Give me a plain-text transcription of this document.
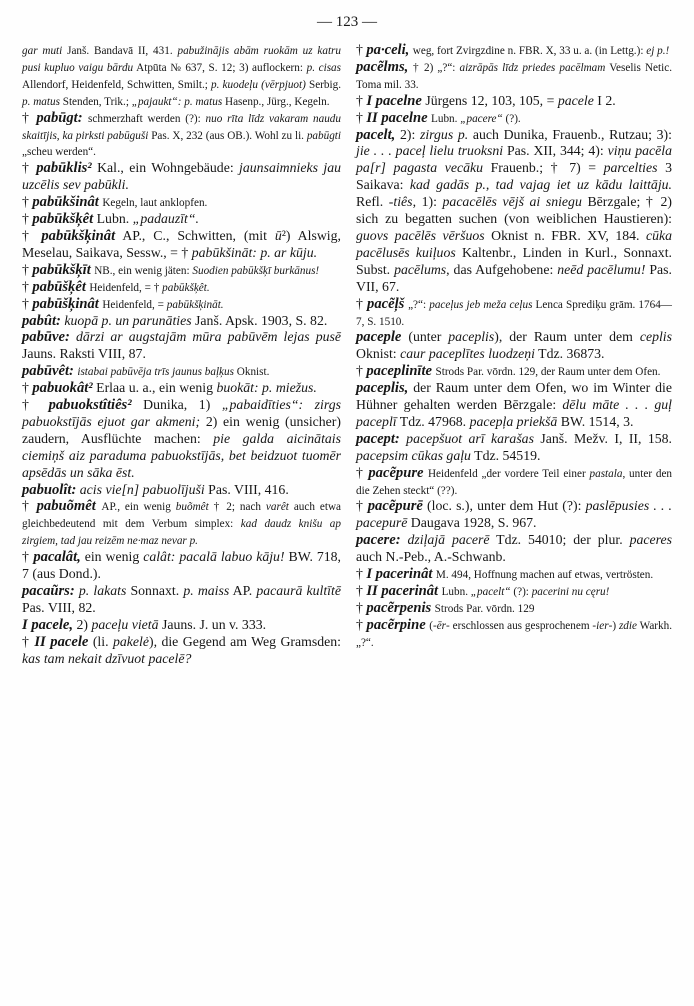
— 123 —

gar muti Janš. Bandavā II, 431. pabužinājis abām ruokām uz katru pusi kupluo vaigu bārdu Atpūta № 637, S. 12; 3) auflockern: p. cisas Allendorf, Heidenfeld, Schwitten, Smilt.; p. kuodeļu (vērpjuot) Serbig. p. matus Stenden, Trik.; „pajaukt“: p. matus Hasenp., Jürg., Kegeln.

† pabūgt: schmerzhaft werden (?): nuo rīta līdz vakaram naudu skaitījis, ka pirksti pabūguši Pas. X, 232 (aus OB.). Wohl zu li. pabūgti „scheu werden“.

† pabūklis² Kal., ein Wohngebäude: jaunsaimnieks jau uzcēlis sev pabūkli.

† pabūkšinât Kegeln, laut anklopfen.

† pabūkšķêt Lubn. „padauzīt“.

† pabūkšķinât AP., C., Schwitten, (mit ū²) Alswig, Meselau, Saikava, Sessw., = † pabūkšināt: p. ar kūju.

† pabūkšķīt NB., ein wenig jäten: Suodien pabūkšķī burkānus!

† pabūšķêt Heidenfeld, = † pabūkšķêt.

† pabūšķinât Heidenfeld, = pabūkšķināt.

pabût: kuopā p. un parunāties Janš. Apsk. 1903, S. 82.

pabūve: dārzi ar augstajām mūra pabūvēm lejas pusē Jauns. Raksti VIII, 87.

pabūvêt: istabai pabūvēja trīs jaunus baļķus Oknist.

† pabuokât² Erlaa u. a., ein wenig buokāt: p. miežus.

† pabuokstîtiês² Dunika, 1) „pabaidīties“: zirgs pabuokstījās ejuot gar akmeni; 2) ein wenig (unsicher) zaudern, Ausflüchte machen: pie galda aicinātais ciemiņš aiz paraduma pabuokstījās, bet beidzuot tuomēr apsēdās un sāka ēst.

pabuolît: acis vie[n] pabuolījuši Pas. VIII, 416.

† pabuõmêt AP., ein wenig buõmêt † 2; nach varêt auch etwa gleichbedeutend mit dem Verbum simplex: kad daudz knišu ap zirgiem, tad jau reizēm ne·maz nevar p.

† pacalât, ein wenig calât: pacalā labuo kāju! BW. 718, 7 (aus Dond.).

pacaũrs: p. lakats Sonnaxt. p. maiss AP. pacaurā kultītē Pas. VIII, 82.

I pacele, 2) paceļu vietā Jauns. J. un v. 333.

† II pacele (li. pakelė), die Gegend am Weg Gramsden: kas tam nekait dzīvuot pacelē?

† pa·celi, weg, fort Zvirgzdine n. FBR. X, 33 u. a. (in Lettg.): ej p.!

pacẽlms, † 2) „?“: aizrāpās līdz priedes pacēlmam Veselis Netic. Toma mil. 33.

† I pacelne Jürgens 12, 103, 105, = pacele I 2.

† II pacelne Lubn. „pacere“ (?).

pacelt, 2): zirgus p. auch Dunika, Frauenb., Rutzau; 3): jie . . . paceļ lielu truoksni Pas. XII, 344; 4): viņu pacēla pa[r] pagasta vecāku Frauenb.; † 7) = parcelties 3 Saikava: kad gadās p., tad vajag iet uz kādu laittāju. Refl. -tiês, 1): pacacēlēs vējš ai sniegu Bērzgale; † 2) sich zu begatten suchen (von weiblichen Haustieren): guovs pacēlēs vēršuos Oknist n. FBR. XV, 184. cūka pacēlusēs kuiļuos Kaltenbr., Linden in Kurl., Sonnaxt. Subst. pacēlums, das Aufgehobene: neēd pacēlumu! Pas. VII, 67.

† pacẽļš „?“: paceļus jeb meža ceļus Lenca Sprediķu grām. 1764—7, S. 1510.

paceple (unter paceplis), der Raum unter dem ceplis Oknist: caur paceplītes luodzeņi Tdz. 36873.

† paceplinīte Strods Par. vōrdn. 129, der Raum unter dem Ofen.

paceplis, der Raum unter dem Ofen, wo im Winter die Hühner gehalten werden Bērzgale: dēlu māte . . . guļ paceplī Tdz. 47968. pacepļa priekšā BW. 1514, 3.

pacept: pacepšuot arī karašas Janš. Mežv. I, II, 158. pacepsim cūkas gaļu Tdz. 54519.

† pacẽpure Heidenfeld „der vordere Teil einer pastala, unter den die Zehen steckt“ (??).

† pacẽpurē (loc. s.), unter dem Hut (?): paslēpusies . . . pacepurē Daugava 1928, S. 967.

pacere: dziļajā pacerē Tdz. 54010; der plur. paceres auch N.-Peb., A.-Schwanb.

† I pacerinât M. 494, Hoffnung machen auf etwas, vertrösten.

† II pacerinât Lubn. „pacelt“ (?): pacerini nu cęru!

† pacẽrpenis Strods Par. vōrdn. 129

† pacẽrpine (-ēr- erschlossen aus gesprochenem -ier-) zdie Warkh. „?“.
